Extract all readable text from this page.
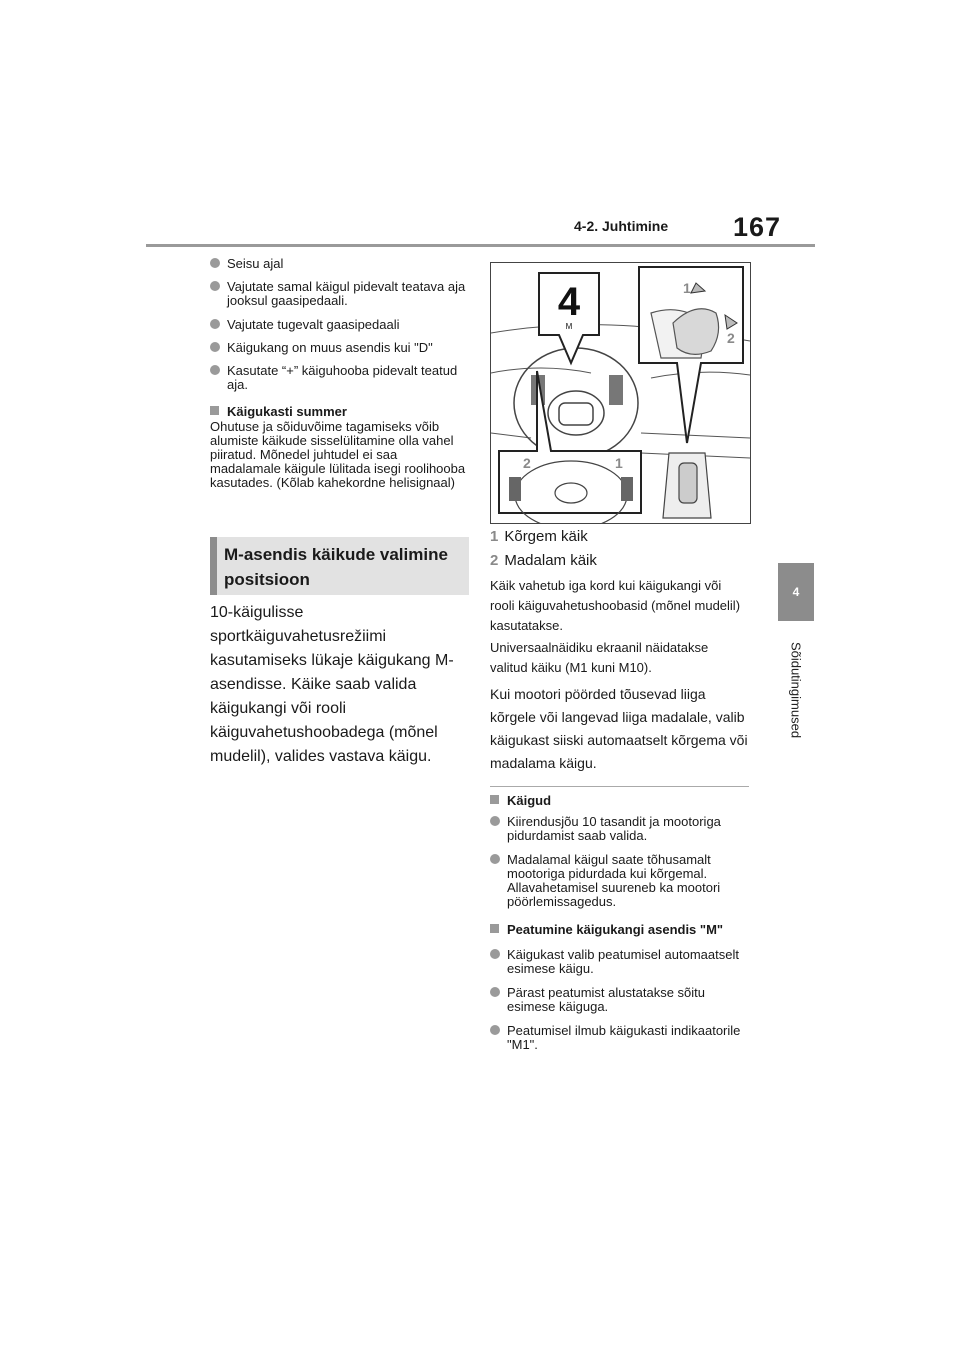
4-2. Juhtimine 167
4
Sõidutingimused
Seisu ajal
Vajutate samal käigul pidevalt teatava aja jooksul gaasipedaali.
Vajutate tugevalt gaasipedaali
Käigukang on muus asendis kui "D"
Kasutate “+” käiguhooba pidevalt teatud aja.
Käigukasti summer
Ohutuse ja sõiduvõime tagamiseks võib alumiste käikude sisselülitamine olla vahel piiratud. Mõnedel juhtudel ei saa madalamale käigule lülitada isegi roolihooba kasutades. (Kõlab kahekordne helisignaal)
M-asendis käikude valimine positsioon
10-käigulisse sportkäiguvahetusrežiimi kasutamiseks lükaje käigukang M-asendisse. Käike saab valida käigukangi või rooli käiguvahetushoobadega (mõnel mudelil), valides vastava käigu.
4
M
1
2
2	1
1 Kõrgem käik
2 Madalam käik
Käik vahetub iga kord kui käigukangi või rooli käiguvahetushoobasid (mõnel mudelil) kasutatakse.
Universaalnäidiku ekraanil näidatakse valitud käiku (M1 kuni M10).
Kui mootori pöörded tõusevad liiga kõrgele või langevad liiga madalale, valib käigukast siiski automaatselt kõrgema või madalama käigu.
Käigud
Kiirendusjõu 10 tasandit ja mootoriga pidurdamist saab valida.
Madalamal käigul saate tõhusamalt mootoriga pidurdada kui kõrgemal. Allavahetamisel suureneb ka mootori pöörlemissagedus.
Peatumine käigukangi asendis "M"
Käigukast valib peatumisel automaatselt esimese käigu.
Pärast peatumist alustatakse sõitu esimese käiguga.
Peatumisel ilmub käigukasti indikaatorile "M1".
